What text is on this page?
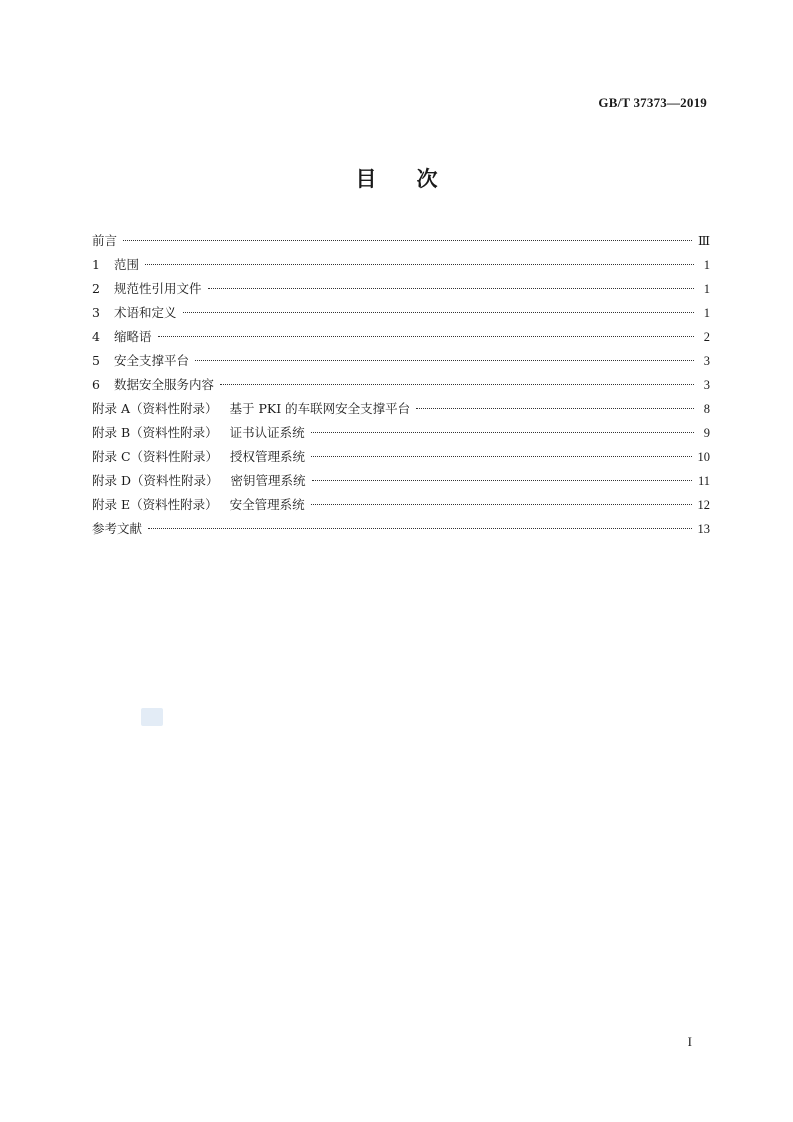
GB/T 37373—2019
目 次
前言	Ⅲ
1	范围	1
2	规范性引用文件	1
3	术语和定义	1
4	缩略语	2
5	安全支撑平台	3
6	数据安全服务内容	3
附录 A（资料性附录） 基于 PKI 的车联网安全支撑平台	8
附录 B（资料性附录） 证书认证系统	9
附录 C（资料性附录） 授权管理系统	10
附录 D（资料性附录） 密钥管理系统	11
附录 E（资料性附录） 安全管理系统	12
参考文献	13
I
